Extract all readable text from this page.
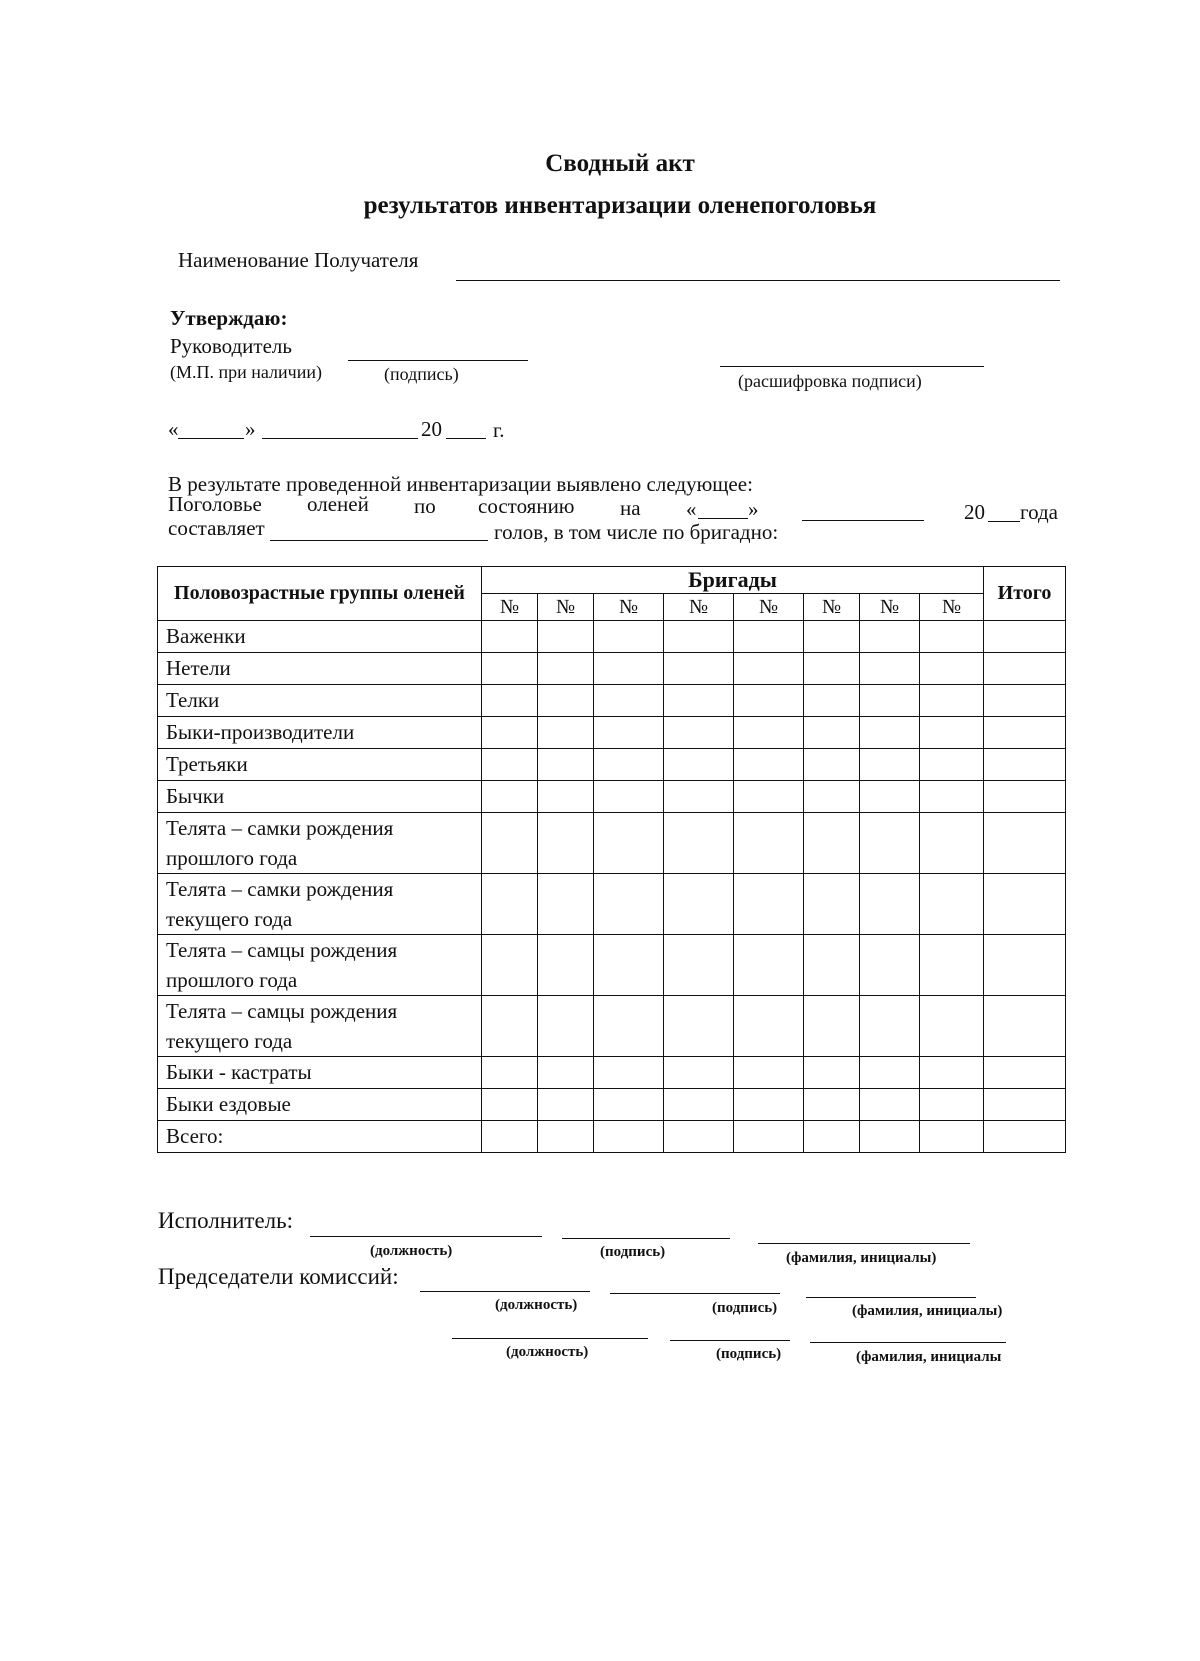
Сводный акт
результатов инвентаризации оленепоголовья
Наименование Получателя
Утверждаю:
Руководитель
(М.П. при наличии)	(подпись)	(расшифровка подписи)
«	»	20 г.
В результате проведенной инвентаризации выявлено следующее:
Поголовье оленей по состоянию на « »	20 года
составляет	голов, в том числе по бригадно:
Половозрастные группы оленей	Бригады								Итого
	№	№	№	№	№	№	№	№	
Важенки									
Нетели									
Телки									
Быки-производители									
Третьяки									
Бычки									
Телята – самки рождения прошлого года									
Телята – самки рождения текущего года									
Телята – самцы рождения прошлого года									
Телята – самцы рождения текущего года									
Быки - кастраты									
Быки ездовые									
Всего:									
Исполнитель:
(должность)	(подпись)	(фамилия, инициалы)
Председатели комиссий:
(должность)	(подпись)	(фамилия, инициалы)
(должность)	(подпись)	(фамилия, инициалы
